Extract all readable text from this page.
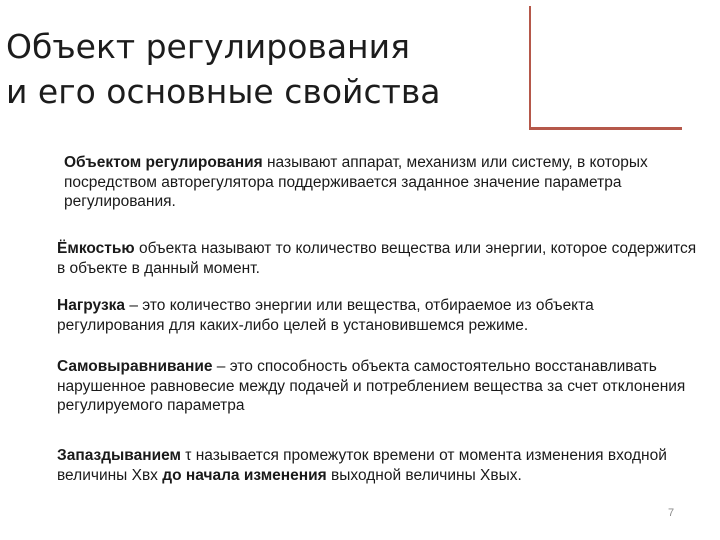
Объект регулирования
и его основные свойства

Объектом регулирования называют аппарат, механизм или систему, в которых посредством авторегулятора поддерживается заданное значение параметра регулирования.

Ёмкостью объекта называют то количество вещества или энергии, которое содержится в объекте в данный момент.

Нагрузка – это количество энергии или вещества, отбираемое из объекта регулирования для каких-либо целей в установившемся режиме.

Самовыравнивание – это способность объекта самостоятельно восстанавливать нарушенное равновесие между подачей и потреблением вещества за счет отклонения регулируемого параметра

Запаздыванием τ называется промежуток времени от момента изменения входной величины Хвх до начала изменения выходной величины Хвых.

7
